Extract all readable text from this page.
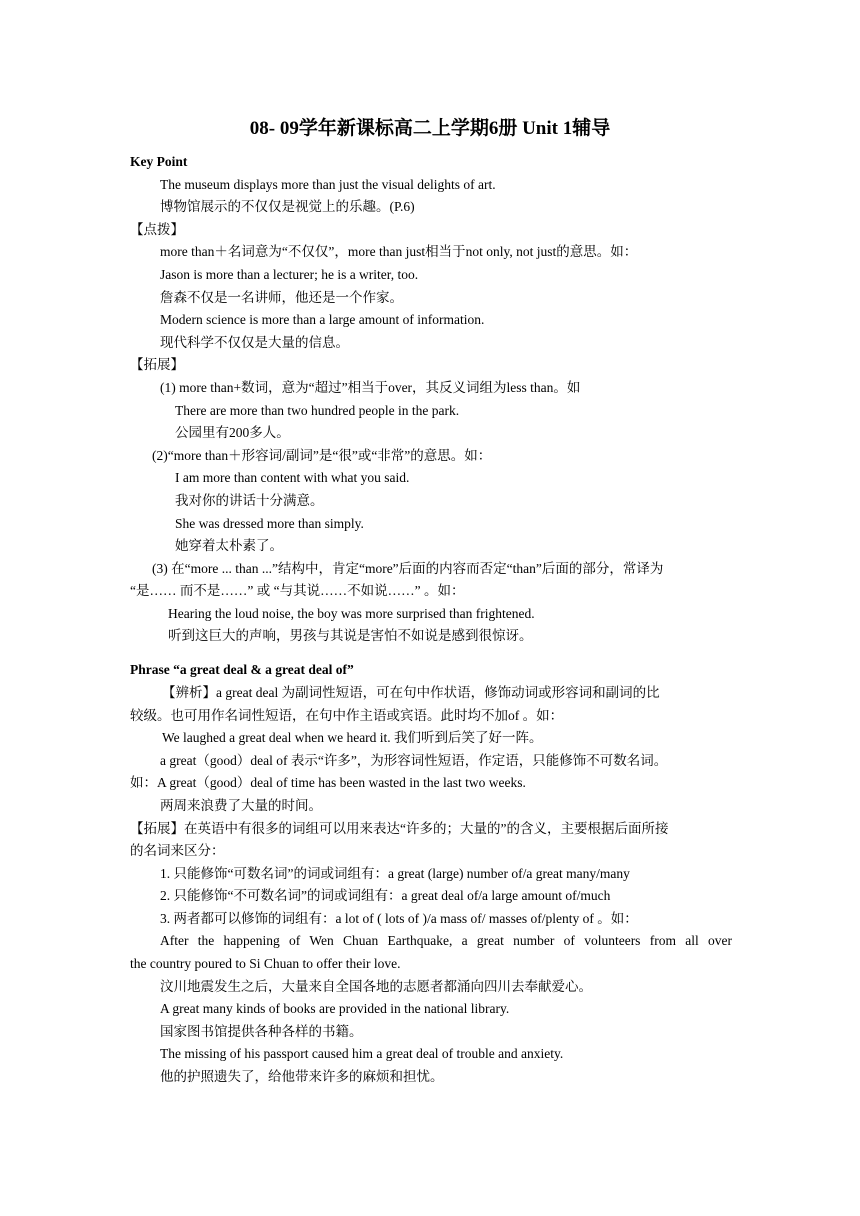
08- 09学年新课标高二上学期6册 Unit 1辅导
Key Point
The museum displays more than just the visual delights of art.
博物馆展示的不仅仅是视觉上的乐趣。(P.6)
【点拨】
more than＋名词意为“不仅仅”，more than just相当于not only, not just的意思。如：
Jason is more than a lecturer; he is a writer, too.
詹森不仅是一名讲师，他还是一个作家。
Modern science is more than a large amount of information.
现代科学不仅仅是大量的信息。
【拓展】
(1) more than+数词，意为“超过”相当于over，其反义词组为less than。如
There are more than two hundred people in the park.
公园里有200多人。
(2)“more than＋形容词/副词”是“很”或“非常”的意思。如：
I am more than content with what you said.
我对你的讲话十分满意。
She was dressed more than simply.
她穿着太朴素了。
(3) 在“more ... than ...”结构中，肯定“more”后面的内容而否定“than”后面的部分，常译为
“是…… 而不是……” 或 “与其说……不如说……” 。如：
Hearing the loud noise, the boy was more surprised than frightened.
听到这巨大的声响，男孩与其说是害怕不如说是感到很惊讶。
Phrase “a great deal & a great deal of”
【辨析】a great deal 为副词性短语，可在句中作状语，修饰动词或形容词和副词的比
较级。也可用作名词性短语，在句中作主语或宾语。此时均不加of 。如：
We laughed a great deal when we heard it. 我们听到后笑了好一阵。
a great（good）deal of 表示“许多”，为形容词性短语，作定语，只能修饰不可数名词。
如：A great（good）deal of time has been wasted in the last two weeks.
两周来浪费了大量的时间。
【拓展】在英语中有很多的词组可以用来表达“许多的；大量的”的含义，主要根据后面所接
的名词来区分：
1. 只能修饰“可数名词”的词或词组有：a great (large) number of/a great many/many
2. 只能修饰“不可数名词”的词或词组有：a great deal of/a large amount of/much
3. 两者都可以修饰的词组有：a lot of ( lots of )/a mass of/ masses of/plenty of 。如：
After the happening of Wen Chuan Earthquake, a great number of volunteers from all over
the country poured to Si Chuan to offer their love.
汶川地震发生之后，大量来自全国各地的志愿者都涌向四川去奉献爱心。
A great many kinds of books are provided in the national library.
国家图书馆提供各种各样的书籍。
The missing of his passport caused him a great deal of trouble and anxiety.
他的护照遗失了，给他带来许多的麻烦和担忧。
